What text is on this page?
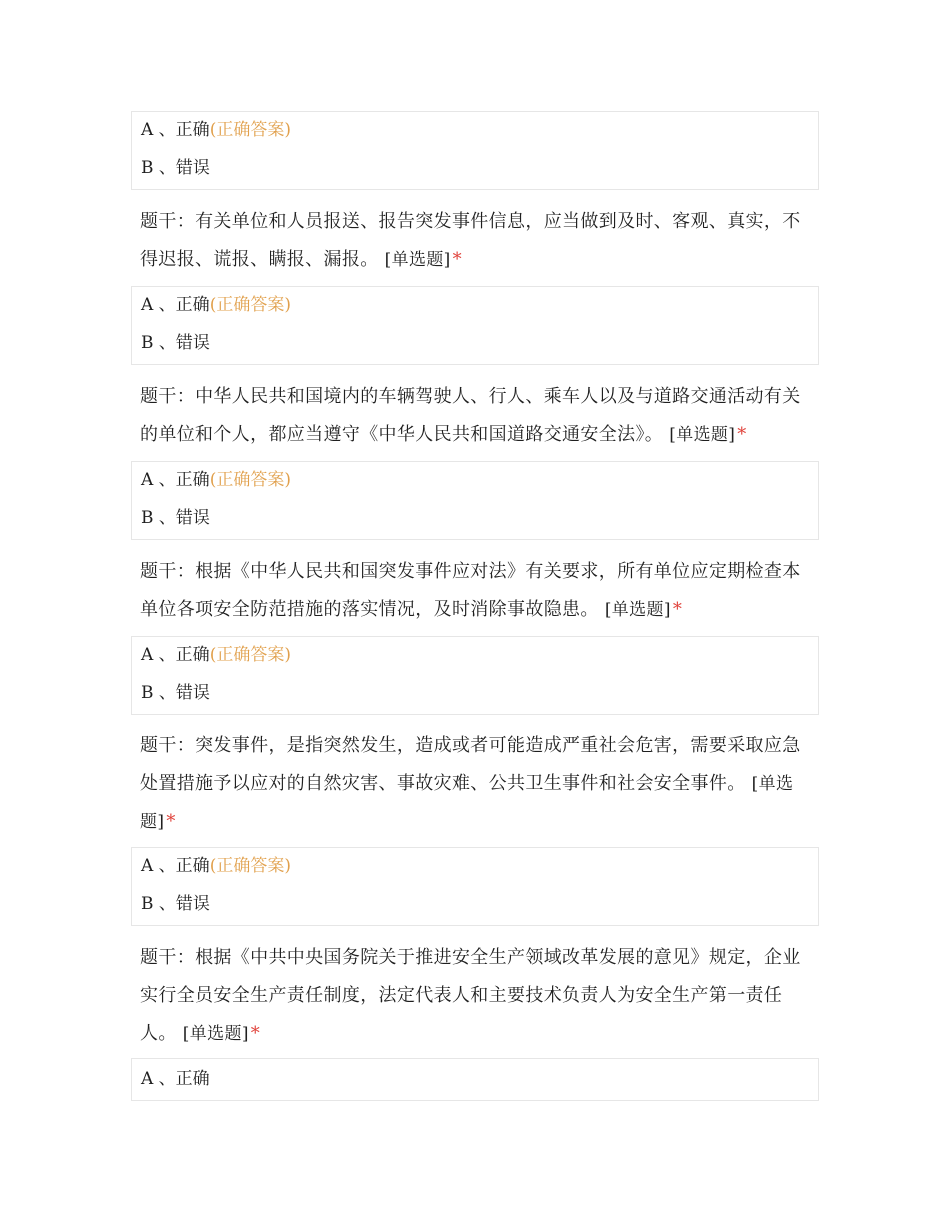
A 、正确(正确答案)
B 、错误
题干：有关单位和人员报送、报告突发事件信息，应当做到及时、客观、真实，不得迟报、谎报、瞒报、漏报。 [单选题] *
A 、正确(正确答案)
B 、错误
题干：中华人民共和国境内的车辆驾驶人、行人、乘车人以及与道路交通活动有关的单位和个人，都应当遵守《中华人民共和国道路交通安全法》。 [单选题] *
A 、正确(正确答案)
B 、错误
题干：根据《中华人民共和国突发事件应对法》有关要求，所有单位应定期检查本单位各项安全防范措施的落实情况，及时消除事故隐患。 [单选题] *
A 、正确(正确答案)
B 、错误
题干：突发事件，是指突然发生，造成或者可能造成严重社会危害，需要采取应急处置措施予以应对的自然灾害、事故灾难、公共卫生事件和社会安全事件。 [单选题] *
A 、正确(正确答案)
B 、错误
题干：根据《中共中央国务院关于推进安全生产领域改革发展的意见》规定，企业实行全员安全生产责任制度，法定代表人和主要技术负责人为安全生产第一责任人。 [单选题] *
A 、正确
